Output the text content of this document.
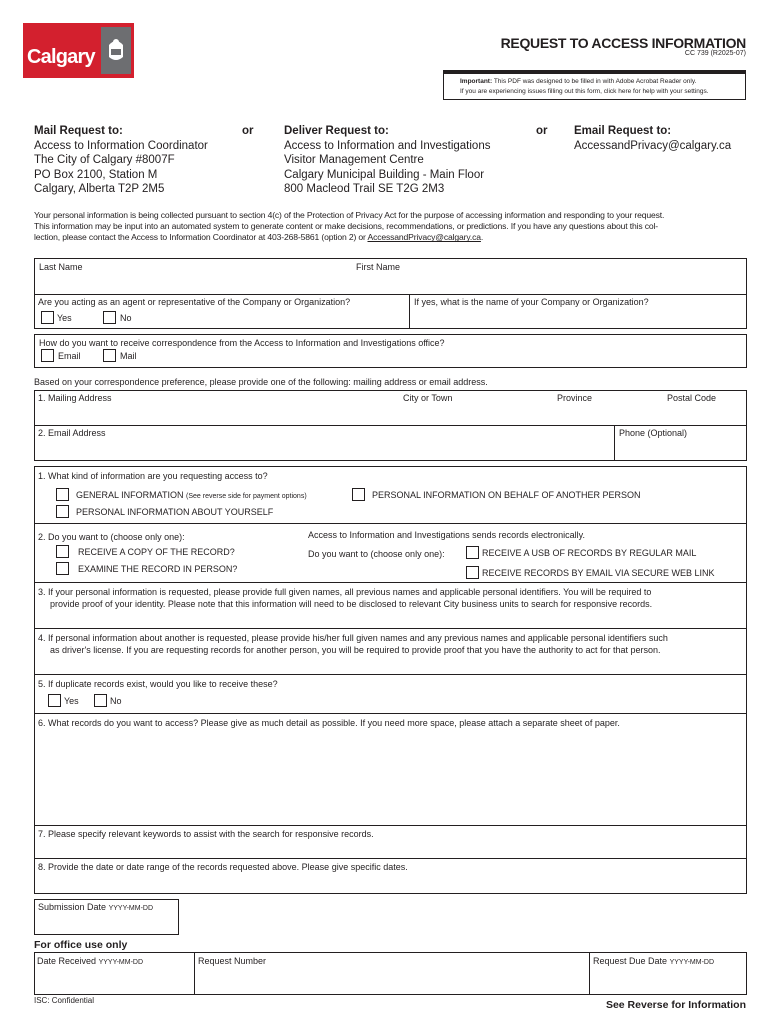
Calgary
REQUEST TO ACCESS INFORMATION
CC 739 (R2025-07)
Important: This PDF was designed to be filled in with Adobe Acrobat Reader only.
If you are experiencing issues filling out this form, click here for help with your settings.
Mail Request to:
Access to Information Coordinator
The City of Calgary #8007F
PO Box 2100, Station M
Calgary, Alberta T2P 2M5
or	Deliver Request to:
Access to Information and Investigations
Visitor Management Centre
Calgary Municipal Building - Main Floor
800 Macleod Trail SE T2G 2M3
or Email Request to:
AccessandPrivacy@calgary.ca
Your personal information is being collected pursuant to section 4(c) of the Protection of Privacy Act for the purpose of accessing information and responding to your request.
This information may be input into an automated system to generate content or make decisions, recommendations, or predictions. If you have any questions about this col-
lection, please contact the Access to Information Coordinator at 403-268-5861 (option 2) or AccessandPrivacy@calgary.ca.
Last Name	First Name
Are you acting as an agent or representative of the Company or Organization?	If yes, what is the name of your Company or Organization?
Yes	No
How do you want to receive correspondence from the Access to Information and Investigations office?
Email	Mail
Based on your correspondence preference, please provide one of the following: mailing address or email address.
1. Mailing Address	City or Town	Province	Postal Code
2. Email Address	Phone (Optional)
1. What kind of information are you requesting access to?
GENERAL INFORMATION (See reverse side for payment options)	PERSONAL INFORMATION ON BEHALF OF ANOTHER PERSON
PERSONAL INFORMATION ABOUT YOURSELF
2. Do you want to (choose only one):
RECEIVE A COPY OF THE RECORD?
EXAMINE THE RECORD IN PERSON?
Access to Information and Investigations sends records electronically.
Do you want to (choose only one):	RECEIVE A USB OF RECORDS BY REGULAR MAIL
RECEIVE RECORDS BY EMAIL VIA SECURE WEB LINK
3. If your personal information is requested, please provide full given names, all previous names and applicable personal identifiers. You will be required to
provide proof of your identity. Please note that this information will need to be disclosed to relevant City business units to search for responsive records.
4. If personal information about another is requested, please provide his/her full given names and any previous names and applicable personal identifiers such
as driver's license. If you are requesting records for another person, you will be required to provide proof that you have the authority to act for that person.
5. If duplicate records exist, would you like to receive these?
Yes	No
6. What records do you want to access? Please give as much detail as possible. If you need more space, please attach a separate sheet of paper.
7. Please specify relevant keywords to assist with the search for responsive records.
8. Provide the date or date range of the records requested above. Please give specific dates.
Submission Date YYYY-MM-DD
For office use only
Date Received YYYY-MM-DD	Request Number	Request Due Date YYYY-MM-DD
ISC: Confidential	See Reverse for Information
